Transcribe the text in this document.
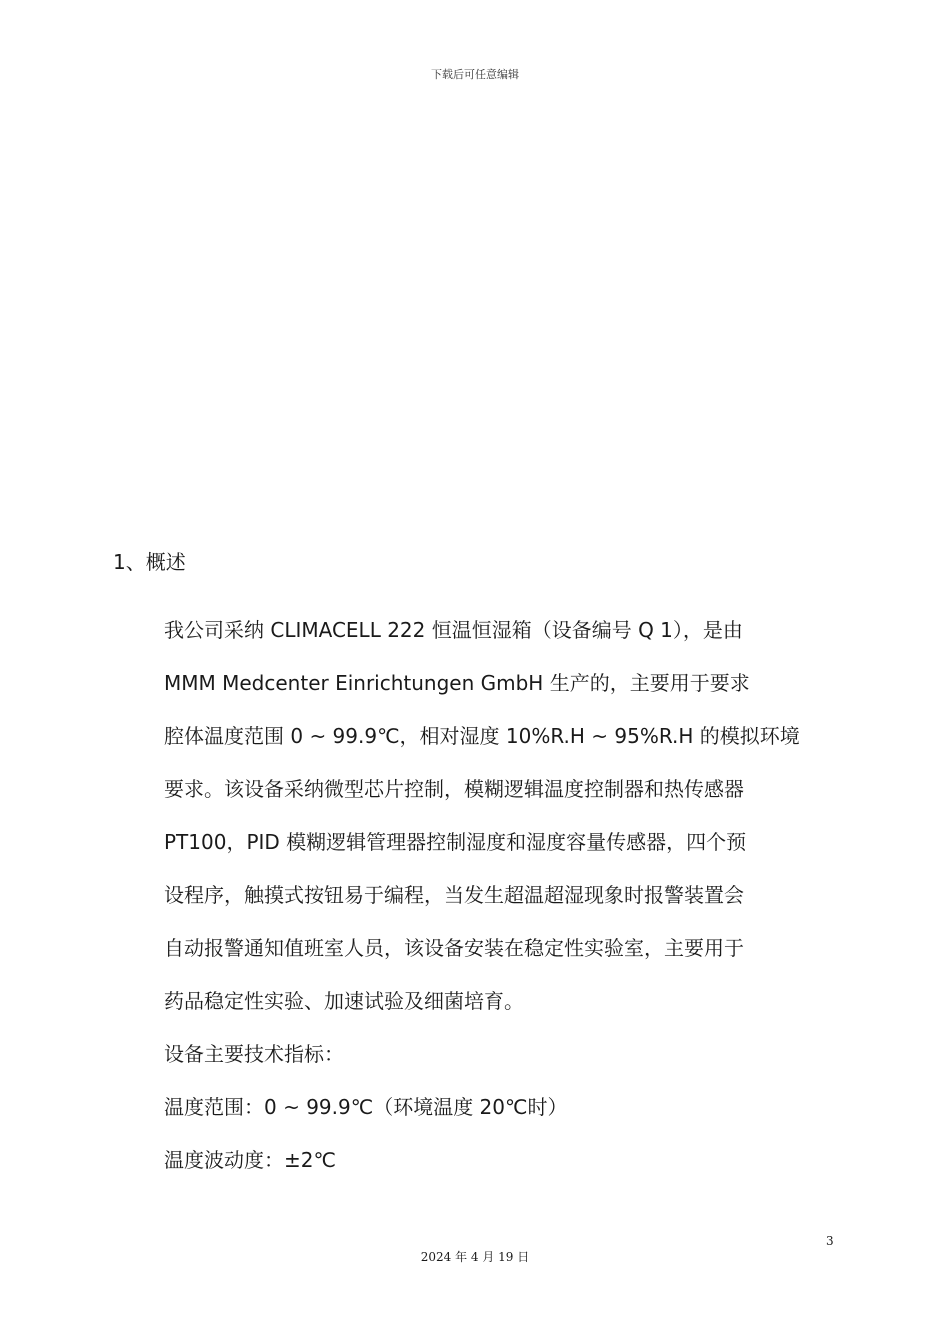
下载后可任意编辑
1、概述
我公司采纳 CLIMACELL 222 恒温恒湿箱（设备编号 Q 1），是由
MMM Medcenter Einrichtungen GmbH 生产的，主要用于要求
腔体温度范围 0 ~ 99.9℃，相对湿度 10%R.H ~ 95%R.H 的模拟环境
要求。该设备采纳微型芯片控制，模糊逻辑温度控制器和热传感器
PT100，PID 模糊逻辑管理器控制湿度和湿度容量传感器，四个预
设程序，触摸式按钮易于编程，当发生超温超湿现象时报警装置会
自动报警通知值班室人员，该设备安装在稳定性实验室，主要用于
药品稳定性实验、加速试验及细菌培育。
设备主要技术指标：
温度范围：0 ~ 99.9℃（环境温度 20℃时）
温度波动度：±2℃
3
2024 年 4 月 19 日
